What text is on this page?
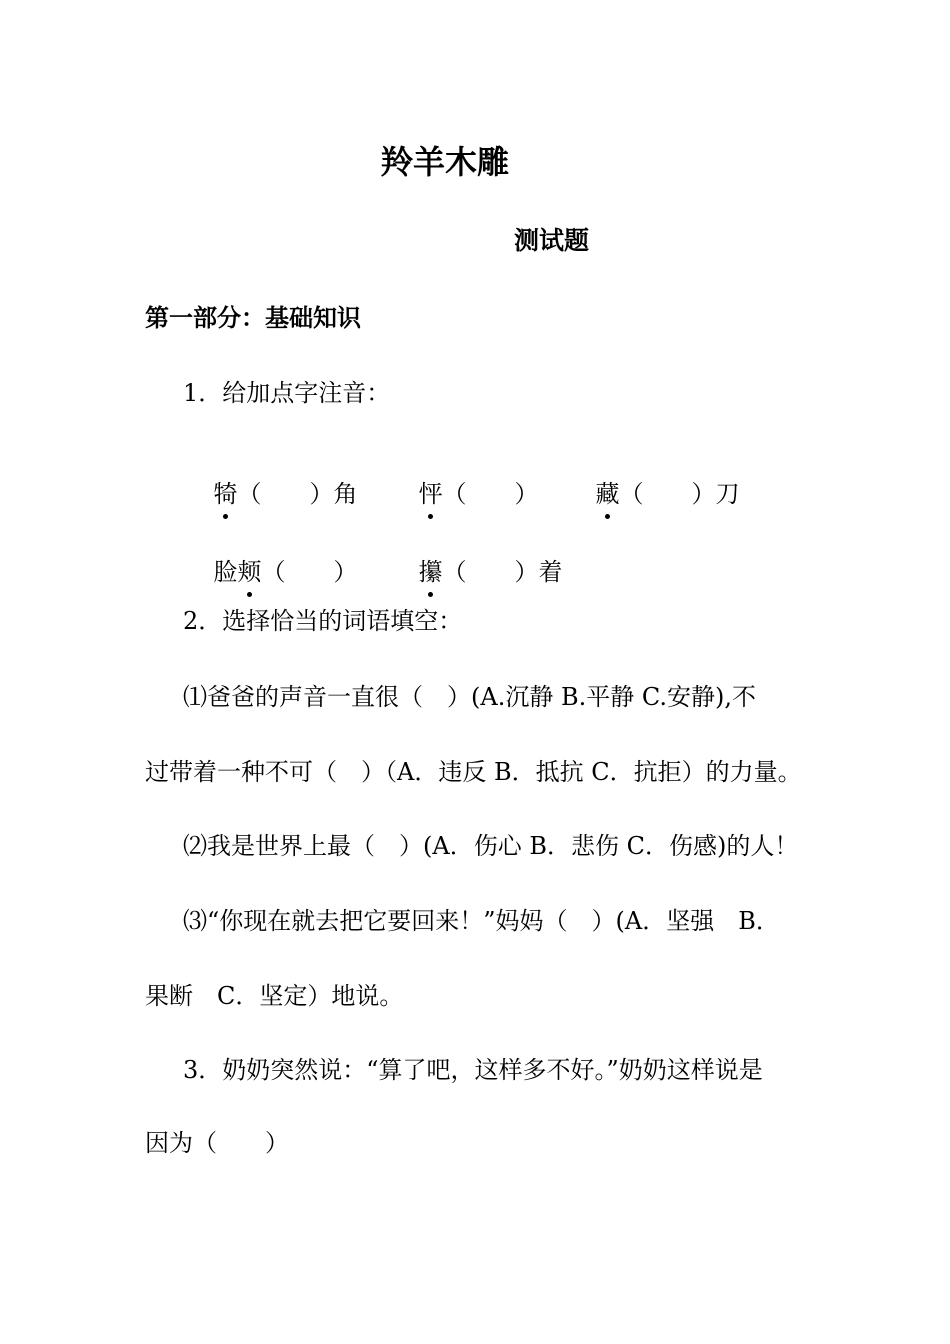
羚羊木雕
测试题
第一部分：基础知识
1．给加点字注音：

犄（　　）角
	怦（　　）
	藏（　　）刀

脸颊（　　）
	攥（　　）着

2．选择恰当的词语填空：
⑴爸爸的声音一直很（　）(A.沉静 B.平静 C.安静),不
过带着一种不可（　）（A．违反 B．抵抗 C．抗拒）的力量。
⑵我是世界上最（　）(A．伤心 B．悲伤 C．伤感)的人！
⑶“你现在就去把它要回来！”妈妈（　）(A．坚强　B．
果断　C．坚定）地说。
3．奶奶突然说：“算了吧，这样多不好。”奶奶这样说是
因为（　　）
